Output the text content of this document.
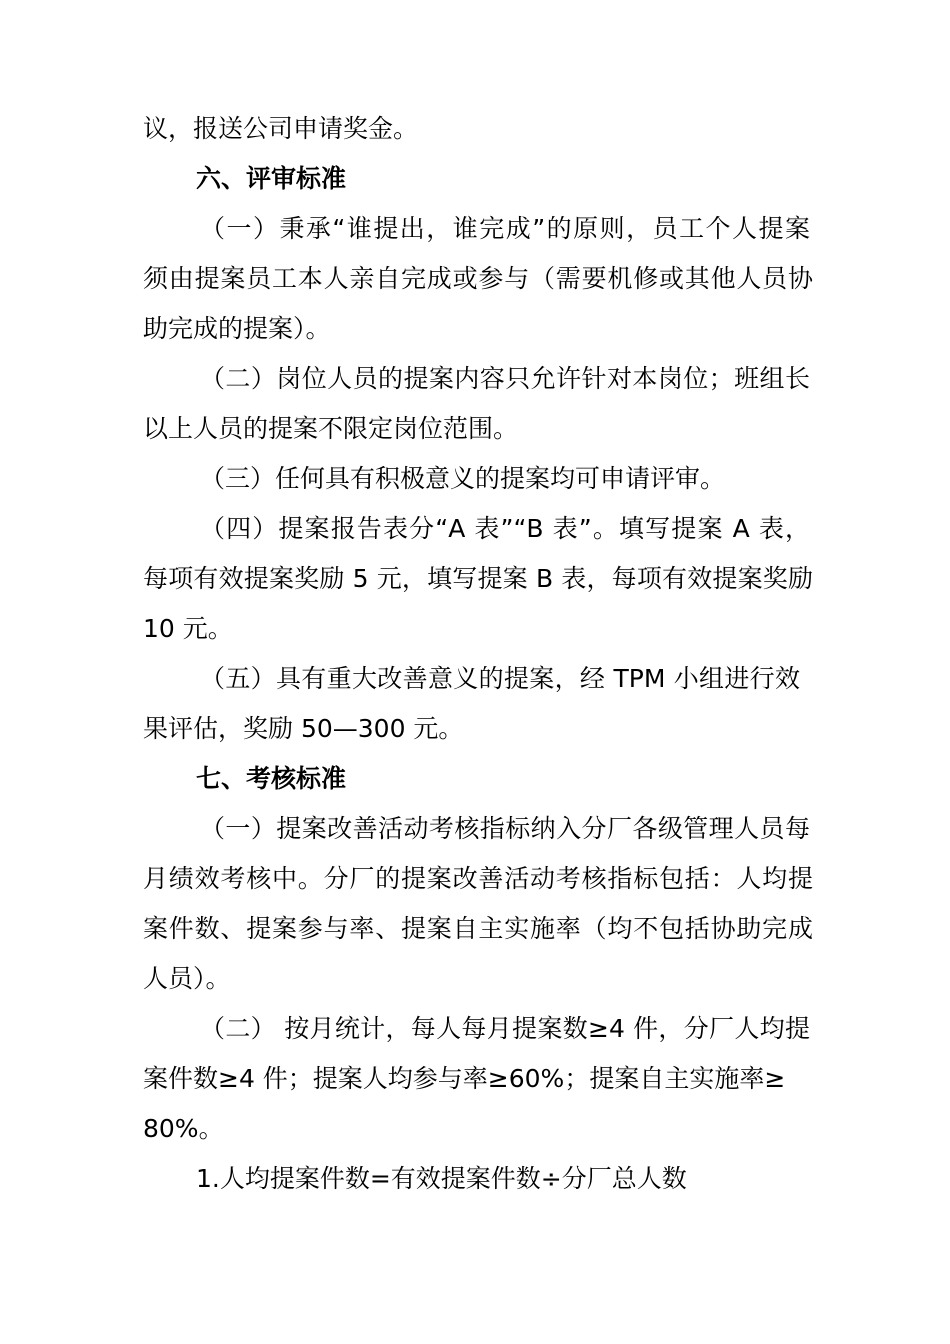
议，报送公司申请奖金。
六、评审标准
（一）秉承“谁提出，谁完成”的原则，员工个人提案
须由提案员工本人亲自完成或参与（需要机修或其他人员协
助完成的提案）。
（二）岗位人员的提案内容只允许针对本岗位；班组长
以上人员的提案不限定岗位范围。
（三）任何具有积极意义的提案均可申请评审。
（四）提案报告表分“A 表”“B 表”。填写提案 A 表，
每项有效提案奖励 5 元，填写提案 B 表，每项有效提案奖励
10 元。
（五）具有重大改善意义的提案，经 TPM 小组进行效
果评估，奖励 50—300 元。
七、考核标准
（一）提案改善活动考核指标纳入分厂各级管理人员每
月绩效考核中。分厂的提案改善活动考核指标包括：人均提
案件数、提案参与率、提案自主实施率（均不包括协助完成
人员）。
（二） 按月统计，每人每月提案数≥4 件，分厂人均提
案件数≥4 件；提案人均参与率≥60%；提案自主实施率≥
80%。
1.人均提案件数=有效提案件数÷分厂总人数
